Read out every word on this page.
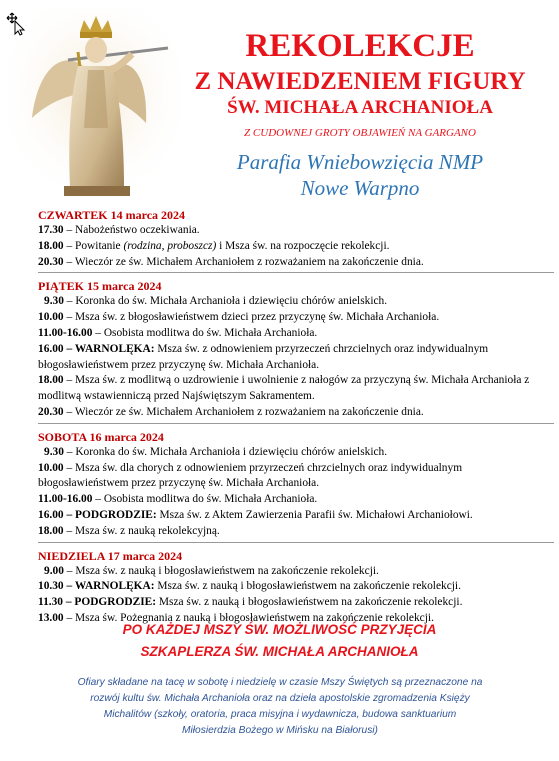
REKOLEKCJE
Z NAWIEDZENIEM FIGURY
ŚW. MICHAŁA ARCHANIOŁA
Z CUDOWNEJ GROTY OBJAWIEŃ NA GARGANO
Parafia Wniebowzięcia NMP
Nowe Warpno
CZWARTEK 14 marca 2024
17.30 – Nabożeństwo oczekiwania.
18.00 – Powitanie (rodzina, proboszcz) i Msza św. na rozpoczęcie rekolekcji.
20.30 – Wieczór ze św. Michałem Archaniołem z rozważaniem na zakończenie dnia.
PIĄTEK 15 marca 2024
9.30 – Koronka do św. Michała Archanioła i dziewięciu chórów anielskich.
10.00 – Msza św. z błogosławieństwem dzieci przez przyczynę św. Michała Archanioła.
11.00-16.00 – Osobista modlitwa do św. Michała Archanioła.
16.00 – WARNOLĘKA: Msza św. z odnowieniem przyrzeczeń chrzcielnych oraz indywidualnym błogosławieństwem przez przyczynę św. Michała Archanioła.
18.00 – Msza św. z modlitwą o uzdrowienie i uwolnienie z nałogów za przyczyną św. Michała Archanioła z modlitwą wstawienniczą przed Najświętszym Sakramentem.
20.30 – Wieczór ze św. Michałem Archaniołem z rozważaniem na zakończenie dnia.
SOBOTA 16 marca 2024
9.30 – Koronka do św. Michała Archanioła i dziewięciu chórów anielskich.
10.00 – Msza św. dla chorych z odnowieniem przyrzeczeń chrzcielnych oraz indywidualnym błogosławieństwem przez przyczynę św. Michała Archanioła.
11.00-16.00 – Osobista modlitwa do św. Michała Archanioła.
16.00 – PODGRODZIE: Msza św. z Aktem Zawierzenia Parafii św. Michałowi Archaniołowi.
18.00 – Msza św. z nauką rekolekcyjną.
NIEDZIELA 17 marca 2024
9.00 – Msza św. z nauką i błogosławieństwem na zakończenie rekolekcji.
10.30 – WARNOLĘKA: Msza św. z nauką i błogosławieństwem na zakończenie rekolekcji.
11.30 – PODGRODZIE: Msza św. z nauką i błogosławieństwem na zakończenie rekolekcji.
13.00 – Msza św. Pożegnania z nauką i błogosławieństwem na zakończenie rekolekcji.
PO KAŻDEJ MSZY ŚW. MOŻLIWOŚĆ PRZYJĘCIA
SZKAPLERZA ŚW. MICHAŁA ARCHANIOŁA
Ofiary składane na tacę w sobotę i niedzielę w czasie Mszy Świętych są przeznaczone na
rozwój kultu św. Michała Archanioła oraz na dzieła apostolskie zgromadzenia Księży
Michalitów (szkoły, oratoria, praca misyjna i wydawnicza, budowa sanktuarium
Miłosierdzia Bożego w Mińsku na Białorusi)
